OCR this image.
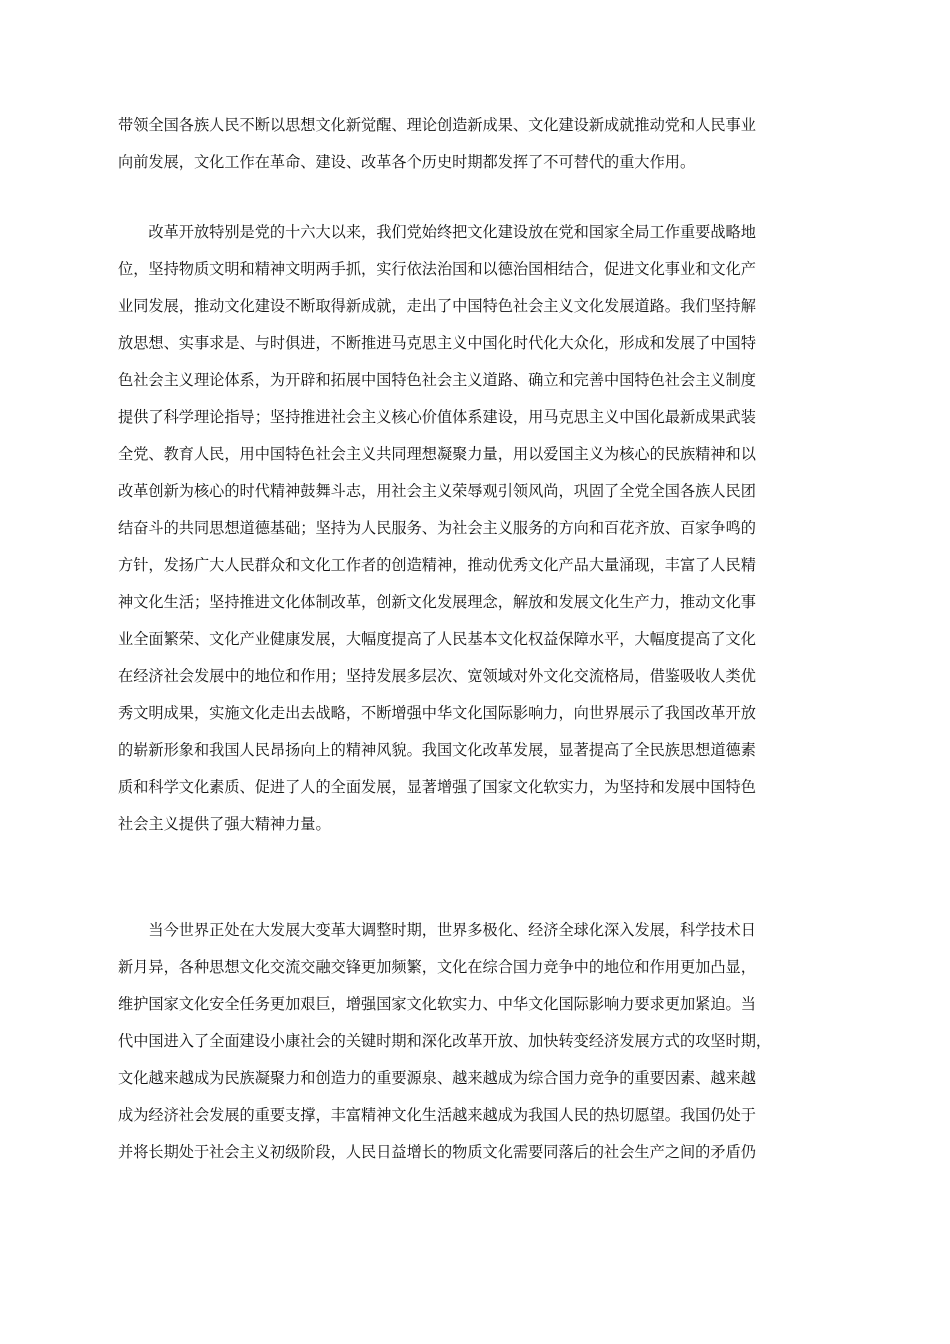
带领全国各族人民不断以思想文化新觉醒、理论创造新成果、文化建设新成就推动党和人民事业
向前发展，文化工作在革命、建设、改革各个历史时期都发挥了不可替代的重大作用。
　　改革开放特别是党的十六大以来，我们党始终把文化建设放在党和国家全局工作重要战略地
位，坚持物质文明和精神文明两手抓，实行依法治国和以德治国相结合，促进文化事业和文化产
业同发展，推动文化建设不断取得新成就，走出了中国特色社会主义文化发展道路。我们坚持解
放思想、实事求是、与时俱进，不断推进马克思主义中国化时代化大众化，形成和发展了中国特
色社会主义理论体系，为开辟和拓展中国特色社会主义道路、确立和完善中国特色社会主义制度
提供了科学理论指导；坚持推进社会主义核心价值体系建设，用马克思主义中国化最新成果武装
全党、教育人民，用中国特色社会主义共同理想凝聚力量，用以爱国主义为核心的民族精神和以
改革创新为核心的时代精神鼓舞斗志，用社会主义荣辱观引领风尚，巩固了全党全国各族人民团
结奋斗的共同思想道德基础；坚持为人民服务、为社会主义服务的方向和百花齐放、百家争鸣的
方针，发扬广大人民群众和文化工作者的创造精神，推动优秀文化产品大量涌现，丰富了人民精
神文化生活；坚持推进文化体制改革，创新文化发展理念，解放和发展文化生产力，推动文化事
业全面繁荣、文化产业健康发展，大幅度提高了人民基本文化权益保障水平，大幅度提高了文化
在经济社会发展中的地位和作用；坚持发展多层次、宽领域对外文化交流格局，借鉴吸收人类优
秀文明成果，实施文化走出去战略，不断增强中华文化国际影响力，向世界展示了我国改革开放
的崭新形象和我国人民昂扬向上的精神风貌。我国文化改革发展，显著提高了全民族思想道德素
质和科学文化素质、促进了人的全面发展，显著增强了国家文化软实力，为坚持和发展中国特色
社会主义提供了强大精神力量。
　　当今世界正处在大发展大变革大调整时期，世界多极化、经济全球化深入发展，科学技术日
新月异，各种思想文化交流交融交锋更加频繁，文化在综合国力竞争中的地位和作用更加凸显，
维护国家文化安全任务更加艰巨，增强国家文化软实力、中华文化国际影响力要求更加紧迫。当
代中国进入了全面建设小康社会的关键时期和深化改革开放、加快转变经济发展方式的攻坚时期，
文化越来越成为民族凝聚力和创造力的重要源泉、越来越成为综合国力竞争的重要因素、越来越
成为经济社会发展的重要支撑，丰富精神文化生活越来越成为我国人民的热切愿望。我国仍处于
并将长期处于社会主义初级阶段，人民日益增长的物质文化需要同落后的社会生产之间的矛盾仍
